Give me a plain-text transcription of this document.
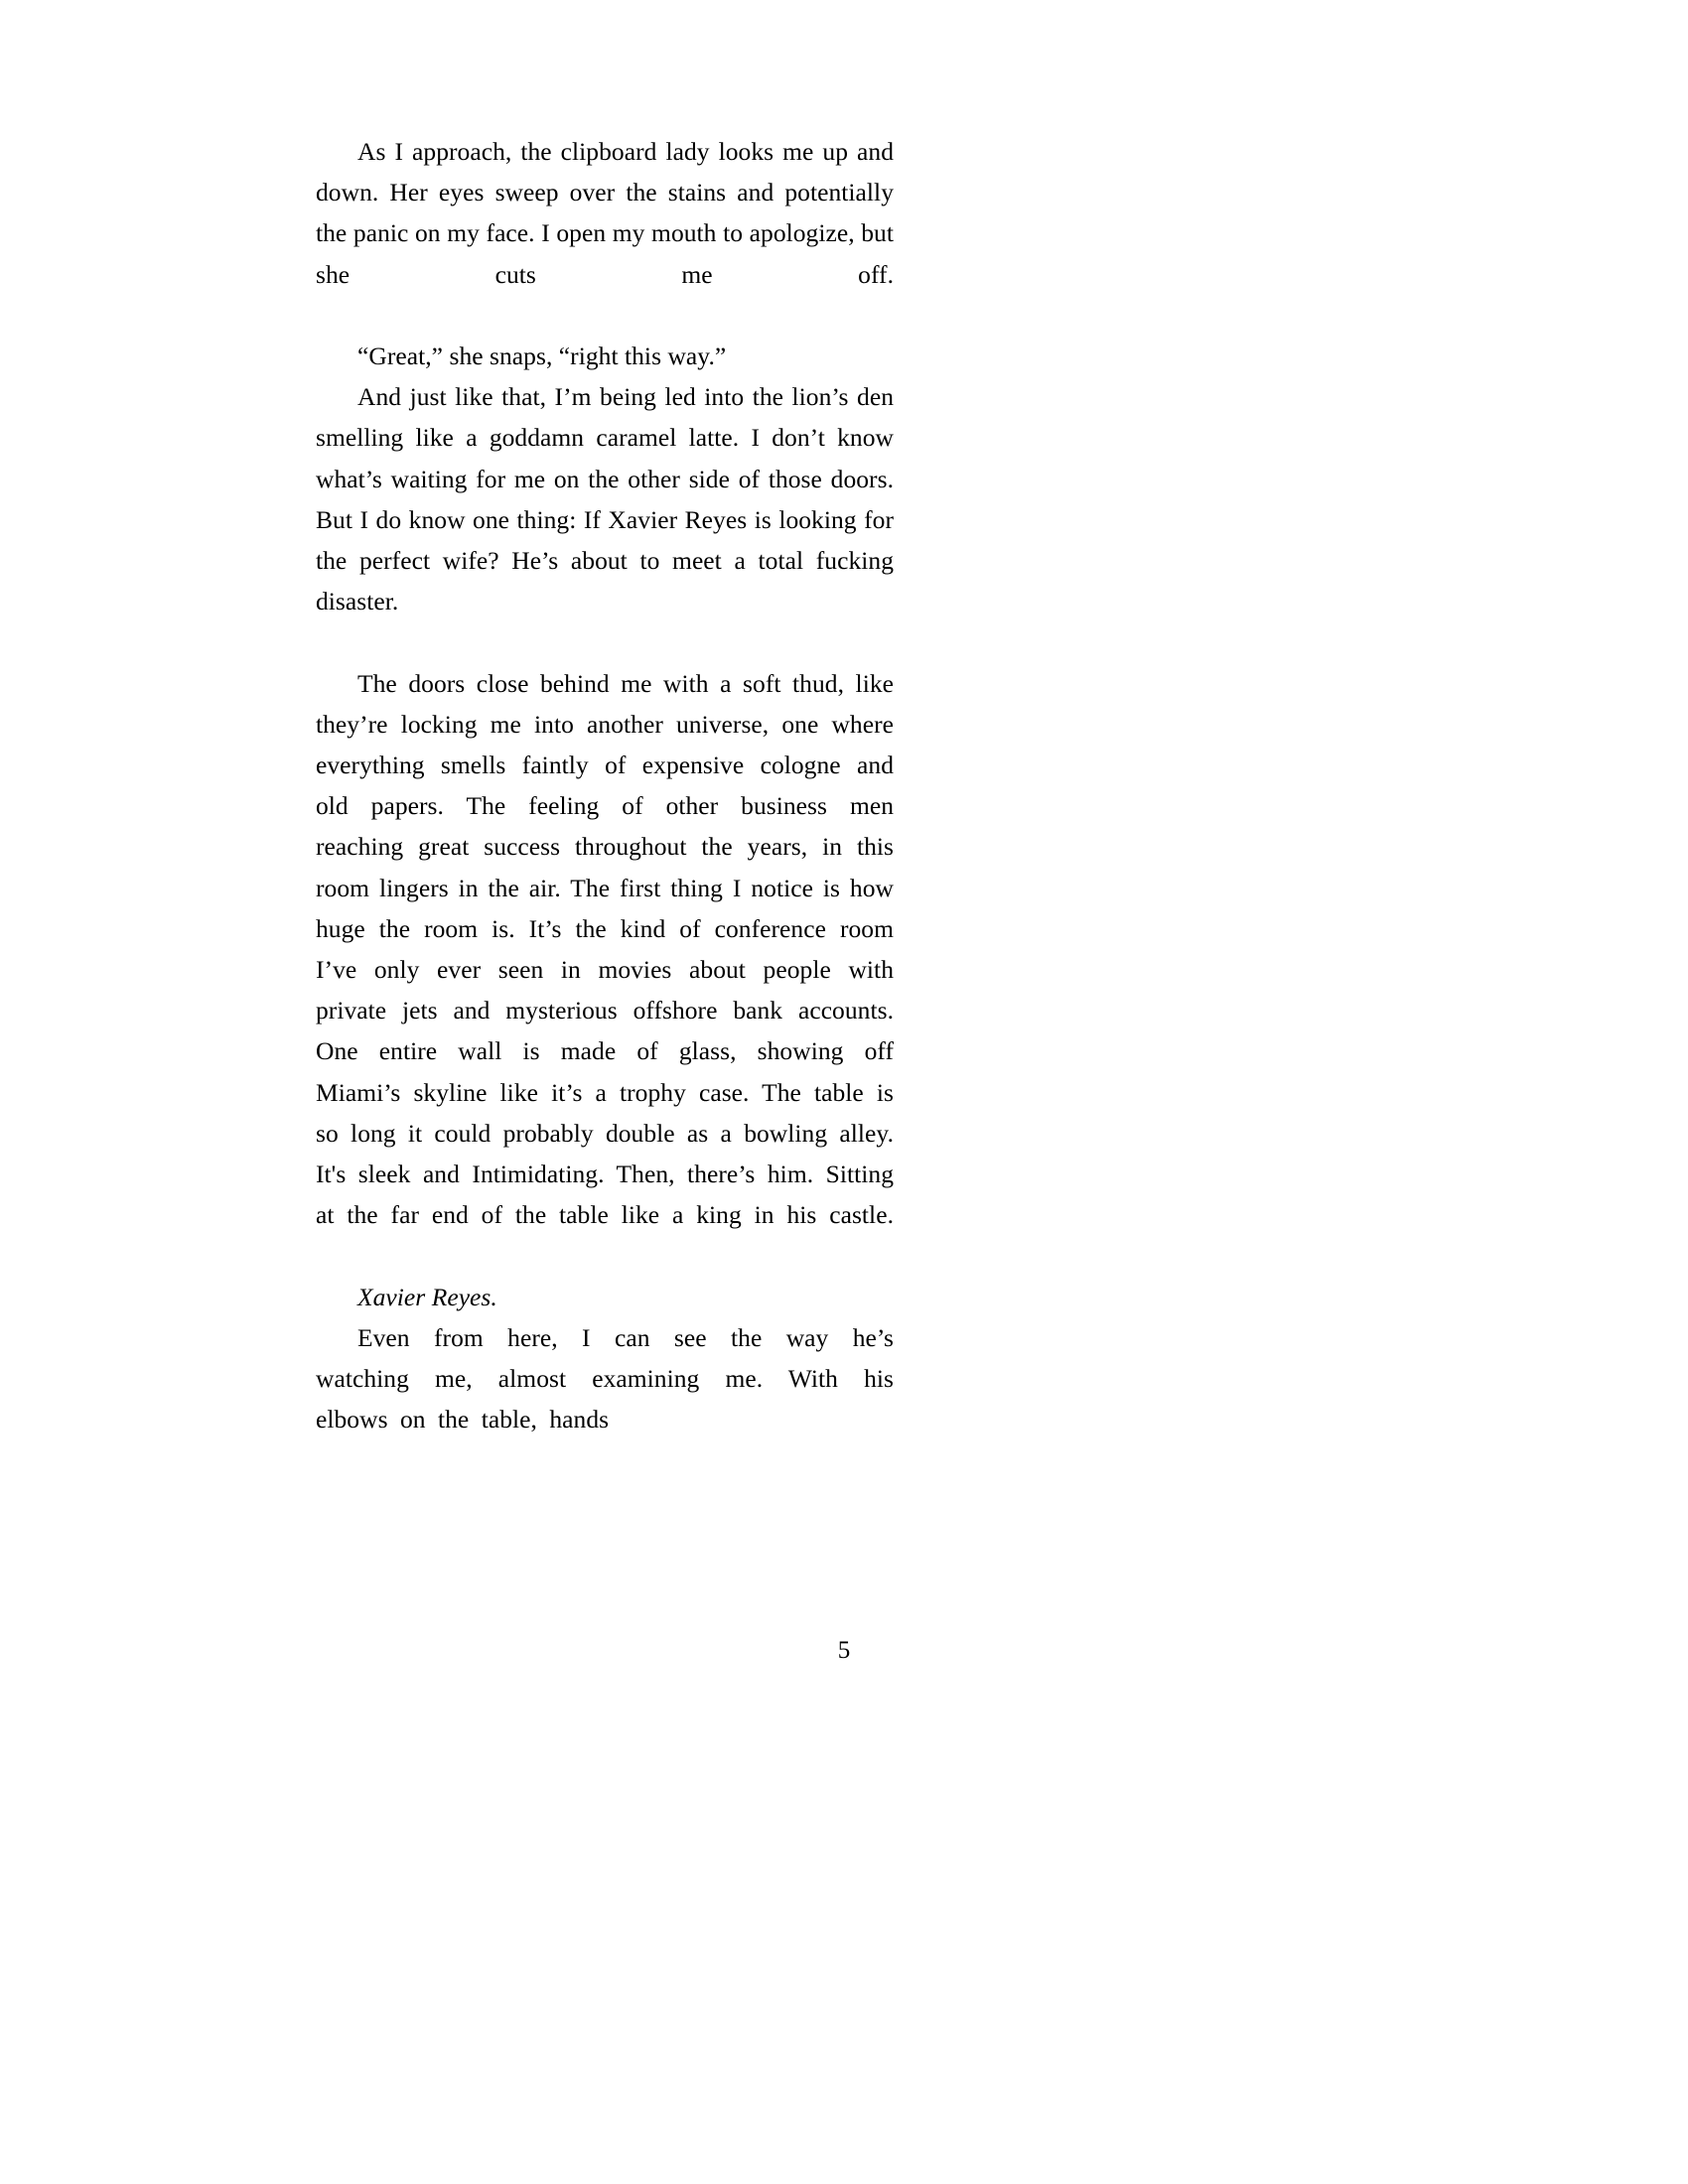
As I approach, the clipboard lady looks me up and down. Her eyes sweep over the stains and potentially the panic on my face. I open my mouth to apologize, but she cuts me off.

“Great,” she snaps, “right this way.”

And just like that, I’m being led into the lion’s den smelling like a goddamn caramel latte. I don’t know what’s waiting for me on the other side of those doors. But I do know one thing: If Xavier Reyes is looking for the perfect wife? He’s about to meet a total fucking disaster.

The doors close behind me with a soft thud, like they’re locking me into another universe, one where everything smells faintly of expensive cologne and old papers. The feeling of other business men reaching great success throughout the years, in this room lingers in the air. The first thing I notice is how huge the room is. It’s the kind of conference room I’ve only ever seen in movies about people with private jets and mysterious offshore bank accounts. One entire wall is made of glass, showing off Miami’s skyline like it’s a trophy case. The table is so long it could probably double as a bowling alley. It's sleek and Intimidating. Then, there’s him. Sitting at the far end of the table like a king in his castle.

Xavier Reyes.

Even from here, I can see the way he’s watching me, almost examining me. With his elbows on the table, hands

5
